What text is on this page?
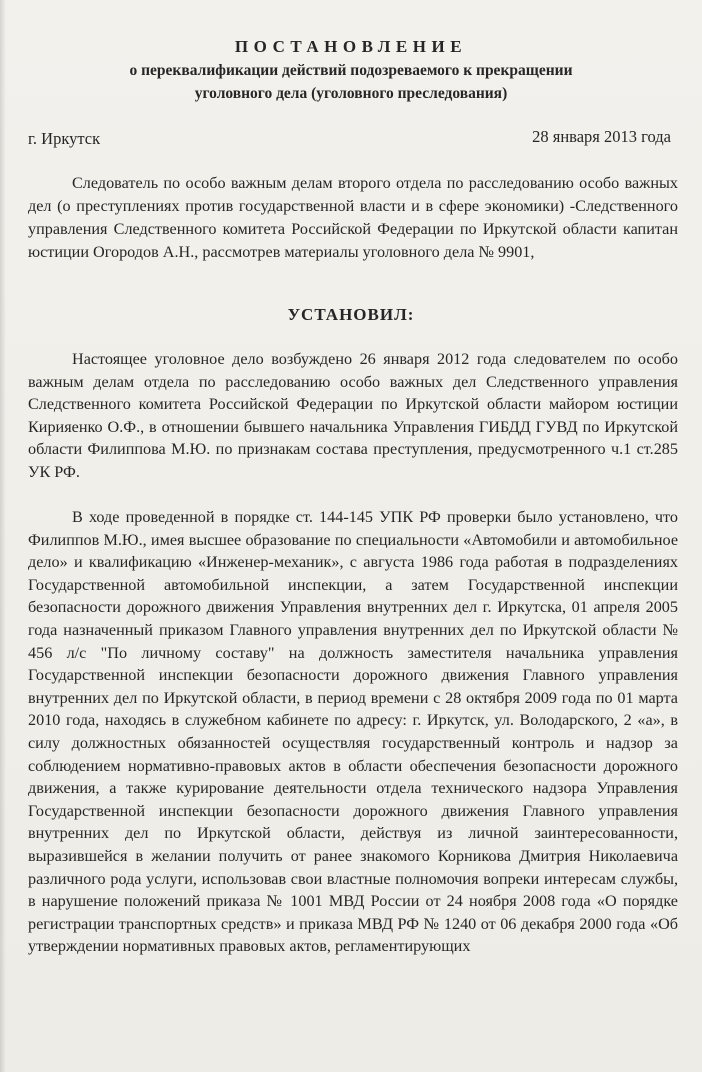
ПОСТАНОВЛЕНИЕ
о переквалификации действий подозреваемого к прекращении
уголовного дела (уголовного преследования)
г. Иркутск	28 января 2013 года

Следователь по особо важным делам второго отдела по расследованию особо важных дел (о преступлениях против государственной власти и в сфере экономики) -Следственного управления Следственного комитета Российской Федерации по Иркутской области капитан юстиции Огородов А.Н., рассмотрев материалы уголовного дела № 9901,

УСТАНОВИЛ:

Настоящее уголовное дело возбуждено 26 января 2012 года следователем по особо важным делам отдела по расследованию особо важных дел Следственного управления Следственного комитета Российской Федерации по Иркутской области майором юстиции Кирияенко О.Ф., в отношении бывшего начальника Управления ГИБДД ГУВД по Иркутской области Филиппова М.Ю. по признакам состава преступления, предусмотренного ч.1 ст.285 УК РФ.

В ходе проведенной в порядке ст. 144-145 УПК РФ проверки было установлено, что Филиппов М.Ю., имея высшее образование по специальности «Автомобили и автомобильное дело» и квалификацию «Инженер-механик», с августа 1986 года работая в подразделениях Государственной автомобильной инспекции, а затем Государственной инспекции безопасности дорожного движения Управления внутренних дел г. Иркутска, 01 апреля 2005 года назначенный приказом Главного управления внутренних дел по Иркутской области № 456 л/с "По личному составу" на должность заместителя начальника управления Государственной инспекции безопасности дорожного движения Главного управления внутренних дел по Иркутской области, в период времени с 28 октября 2009 года по 01 марта 2010 года, находясь в служебном кабинете по адресу: г. Иркутск, ул. Володарского, 2 «а», в силу должностных обязанностей осуществляя государственный контроль и надзор за соблюдением нормативно-правовых актов в области обеспечения безопасности дорожного движения, а также курирование деятельности отдела технического надзора Управления Государственной инспекции безопасности дорожного движения Главного управления внутренних дел по Иркутской области, действуя из личной заинтересованности, выразившейся в желании получить от ранее знакомого Корникова Дмитрия Николаевича различного рода услуги, использовав свои властные полномочия вопреки интересам службы, в нарушение положений приказа № 1001 МВД России от 24 ноября 2008 года «О порядке регистрации транспортных средств» и приказа МВД РФ № 1240 от 06 декабря 2000 года «Об утверждении нормативных правовых актов, регламентирующих
